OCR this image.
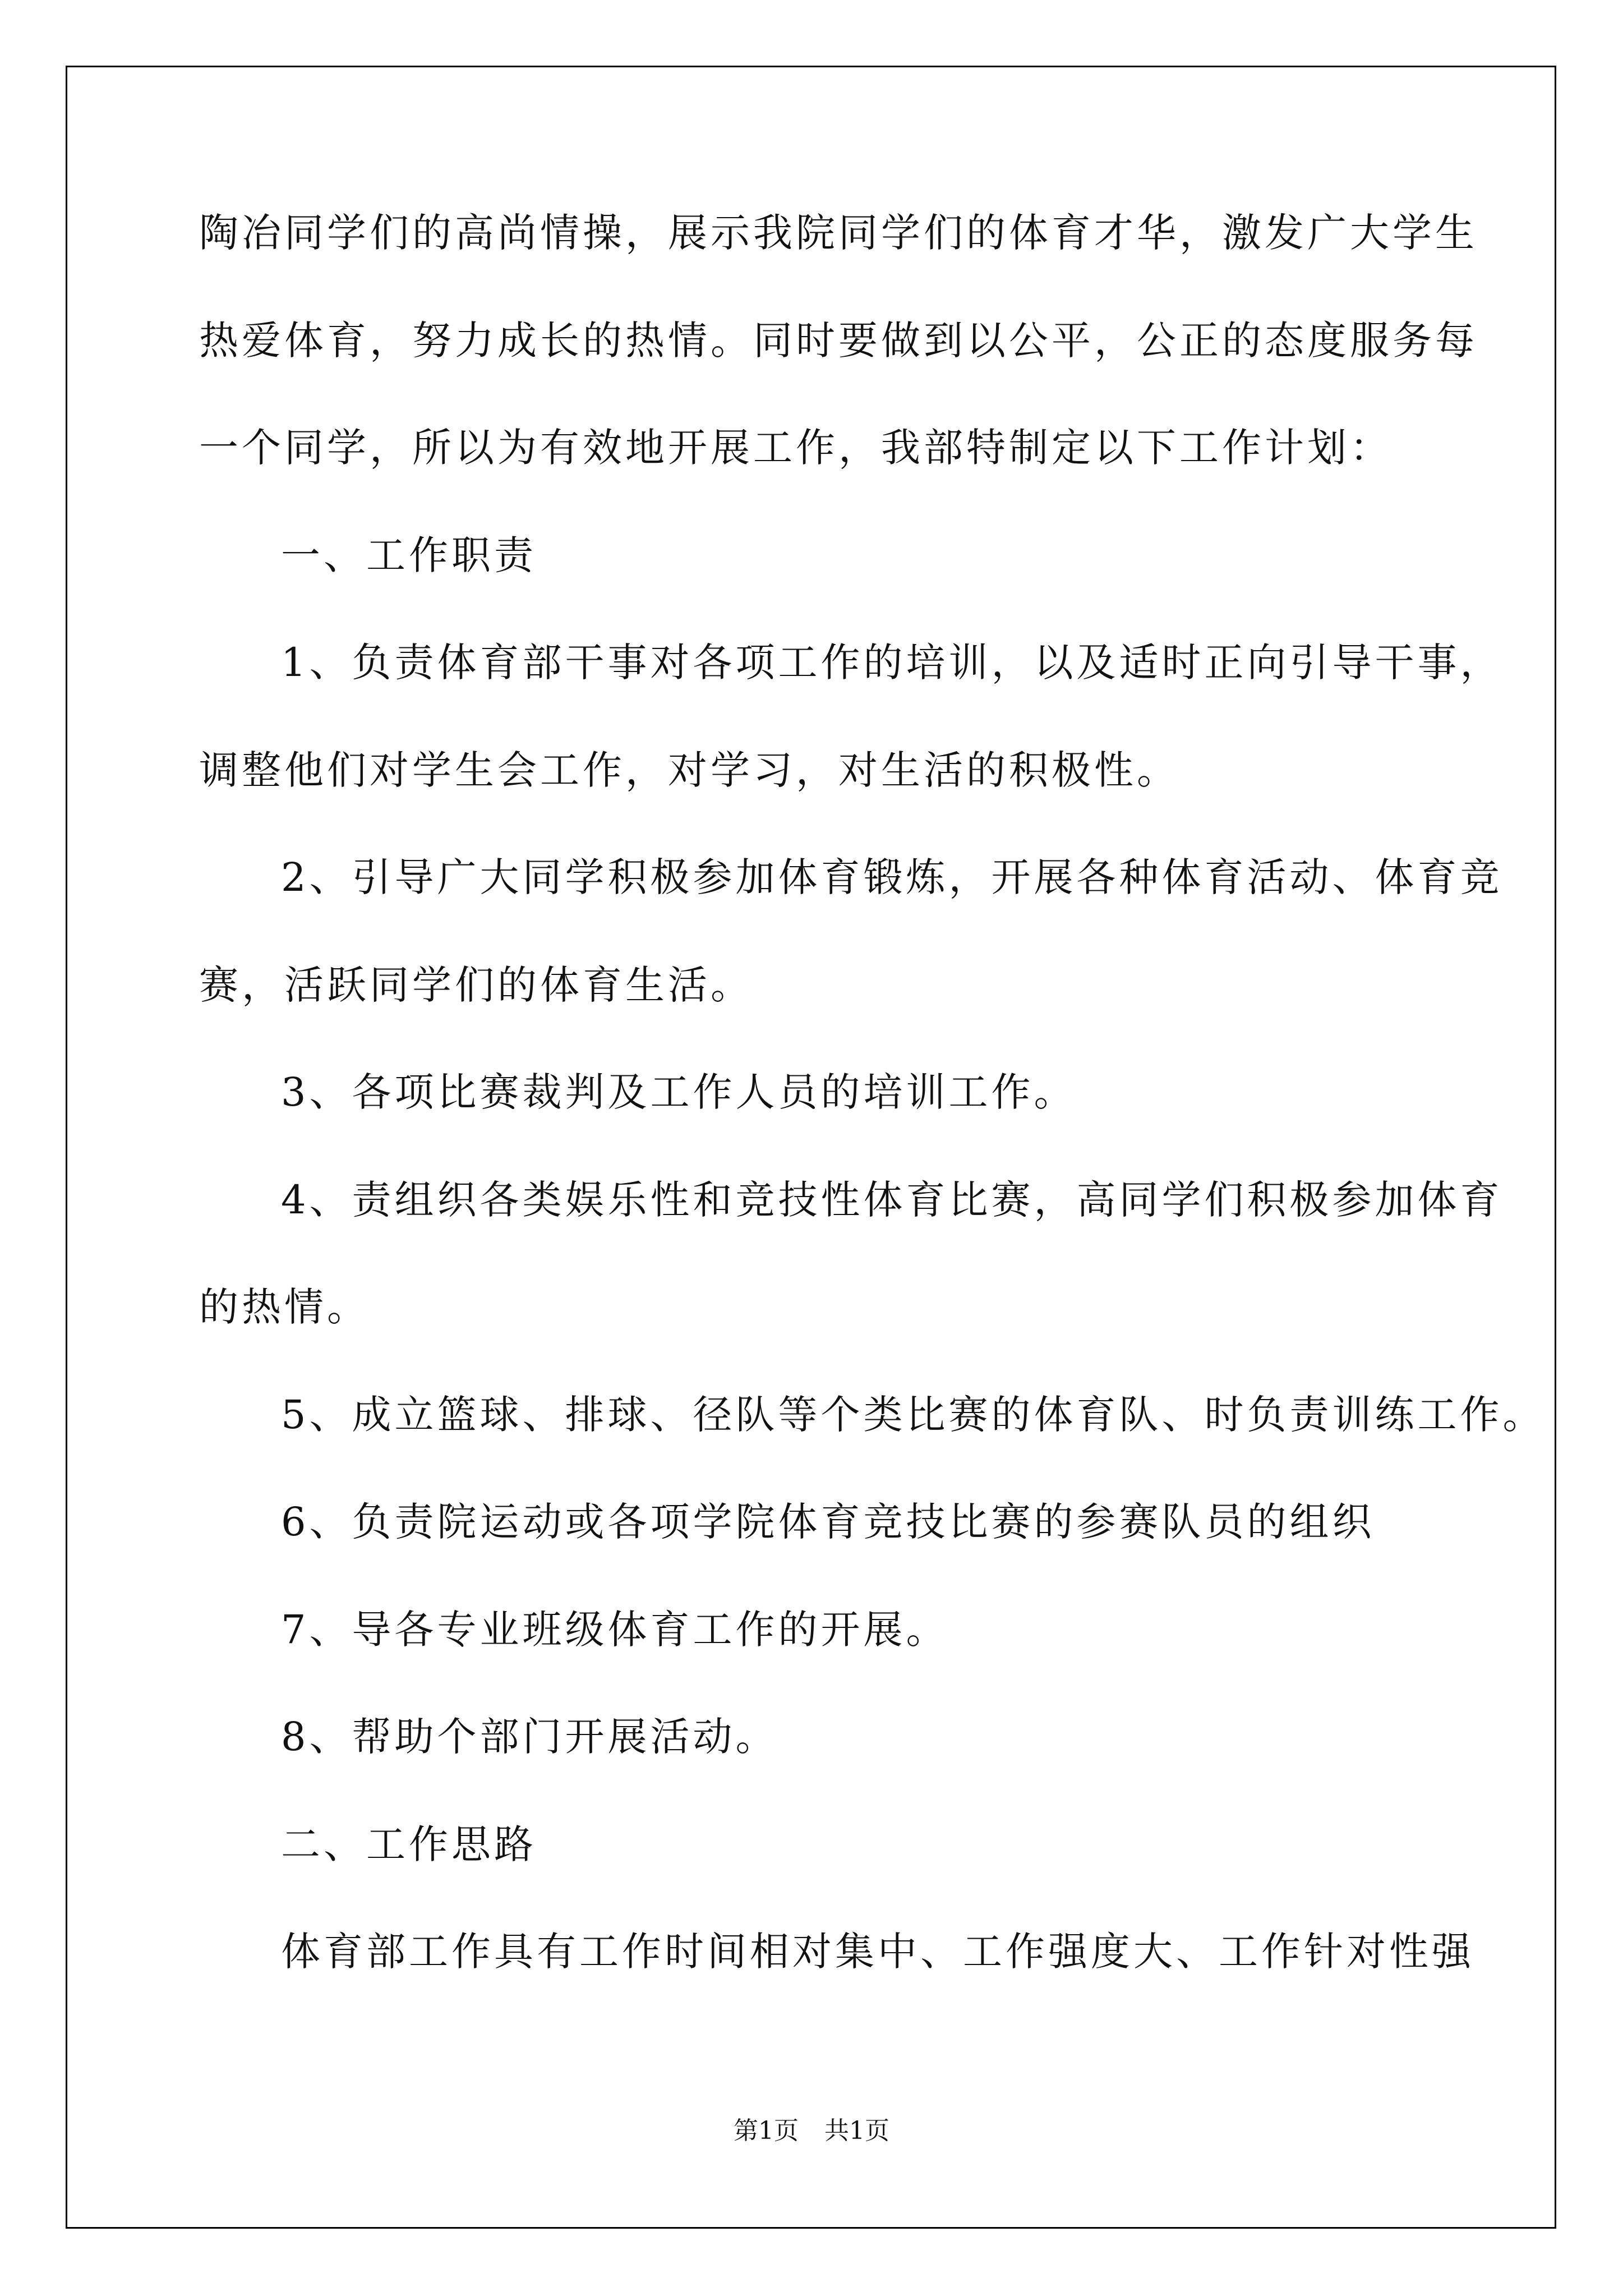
陶冶同学们的高尚情操，展示我院同学们的体育才华，激发广大学生
热爱体育，努力成长的热情。同时要做到以公平，公正的态度服务每
一个同学，所以为有效地开展工作，我部特制定以下工作计划：
一、工作职责
1、负责体育部干事对各项工作的培训，以及适时正向引导干事，
调整他们对学生会工作，对学习，对生活的积极性。
2、引导广大同学积极参加体育锻炼，开展各种体育活动、体育竞
赛，活跃同学们的体育生活。
3、各项比赛裁判及工作人员的培训工作。
4、责组织各类娱乐性和竞技性体育比赛，高同学们积极参加体育
的热情。
5、成立篮球、排球、径队等个类比赛的体育队、时负责训练工作。
6、负责院运动或各项学院体育竞技比赛的参赛队员的组织
7、导各专业班级体育工作的开展。
8、帮助个部门开展活动。
二、工作思路
体育部工作具有工作时间相对集中、工作强度大、工作针对性强
第1页 共1页
